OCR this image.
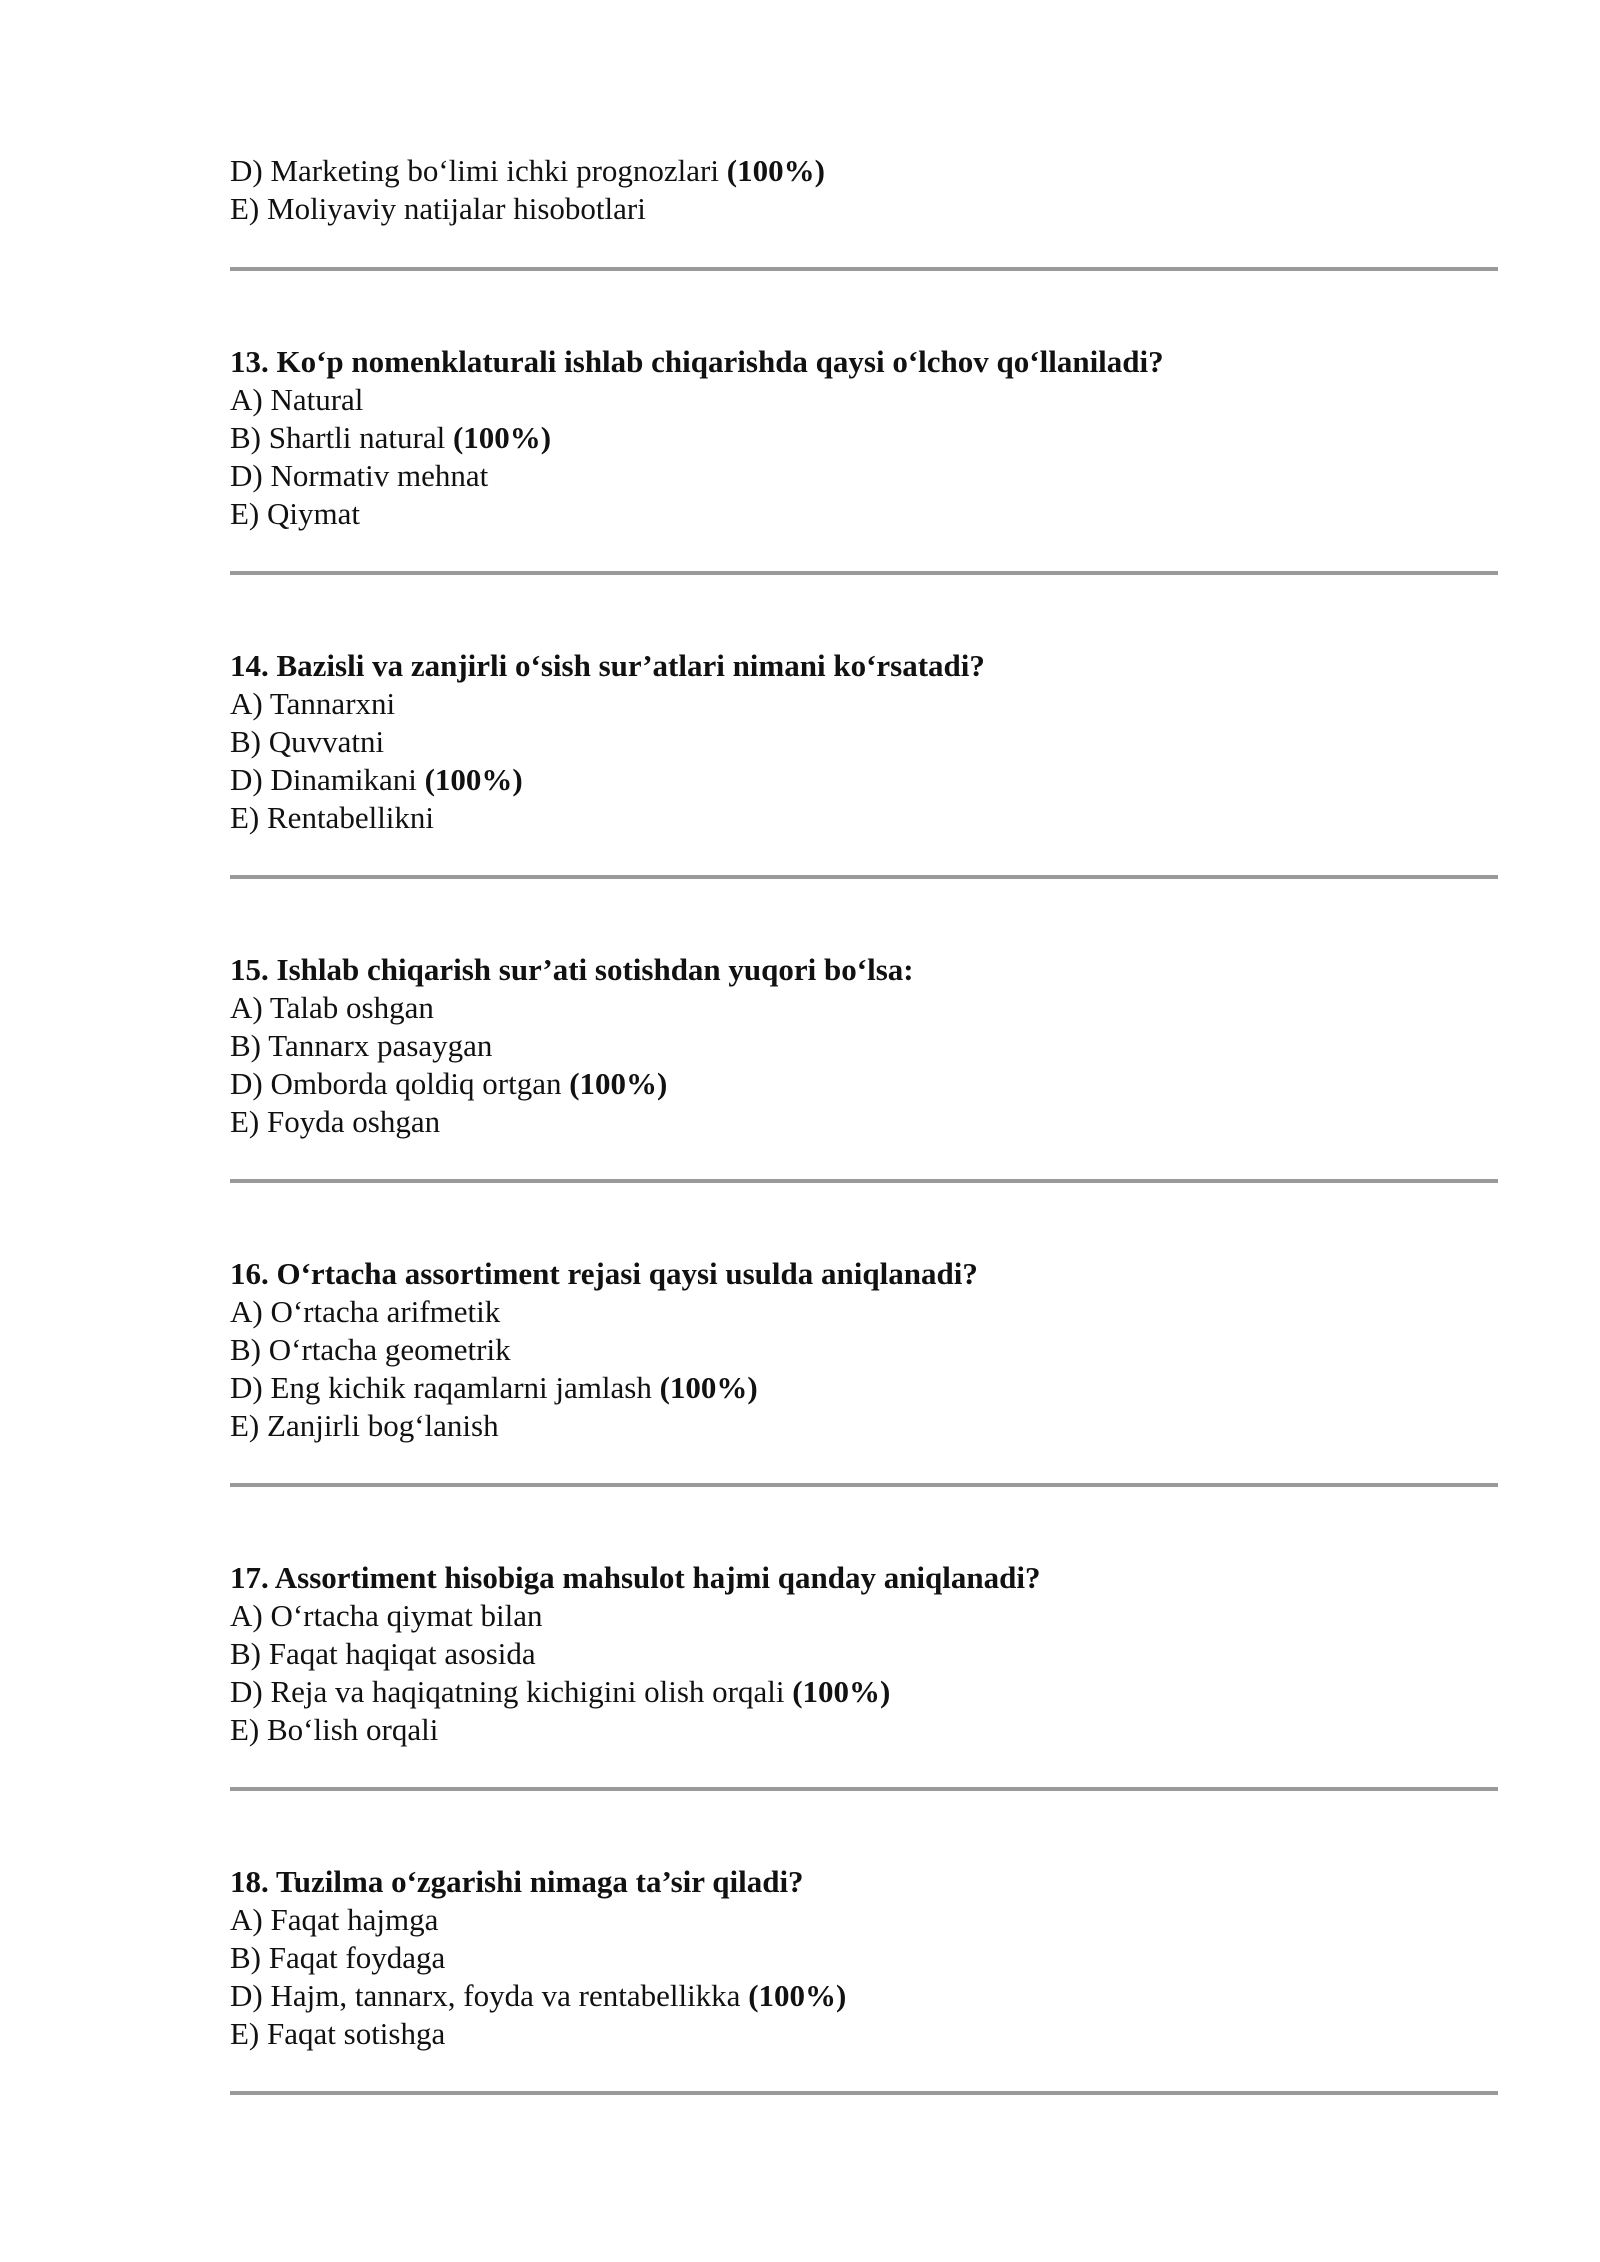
D) Marketing bo‘limi ichki prognozlari (100%)
E) Moliyaviy natijalar hisobotlari
13. Ko‘p nomenklaturali ishlab chiqarishda qaysi o‘lchov qo‘llaniladi?
A) Natural
B) Shartli natural (100%)
D) Normativ mehnat
E) Qiymat
14. Bazisli va zanjirli o‘sish sur’atlari nimani ko‘rsatadi?
A) Tannarxni
B) Quvvatni
D) Dinamikani (100%)
E) Rentabellikni
15. Ishlab chiqarish sur’ati sotishdan yuqori bo‘lsa:
A) Talab oshgan
B) Tannarx pasaygan
D) Omborda qoldiq ortgan (100%)
E) Foyda oshgan
16. O‘rtacha assortiment rejasi qaysi usulda aniqlanadi?
A) O‘rtacha arifmetik
B) O‘rtacha geometrik
D) Eng kichik raqamlarni jamlash (100%)
E) Zanjirli bog‘lanish
17. Assortiment hisobiga mahsulot hajmi qanday aniqlanadi?
A) O‘rtacha qiymat bilan
B) Faqat haqiqat asosida
D) Reja va haqiqatning kichigini olish orqali (100%)
E) Bo‘lish orqali
18. Tuzilma o‘zgarishi nimaga ta’sir qiladi?
A) Faqat hajmga
B) Faqat foydaga
D) Hajm, tannarx, foyda va rentabellikka (100%)
E) Faqat sotishga
